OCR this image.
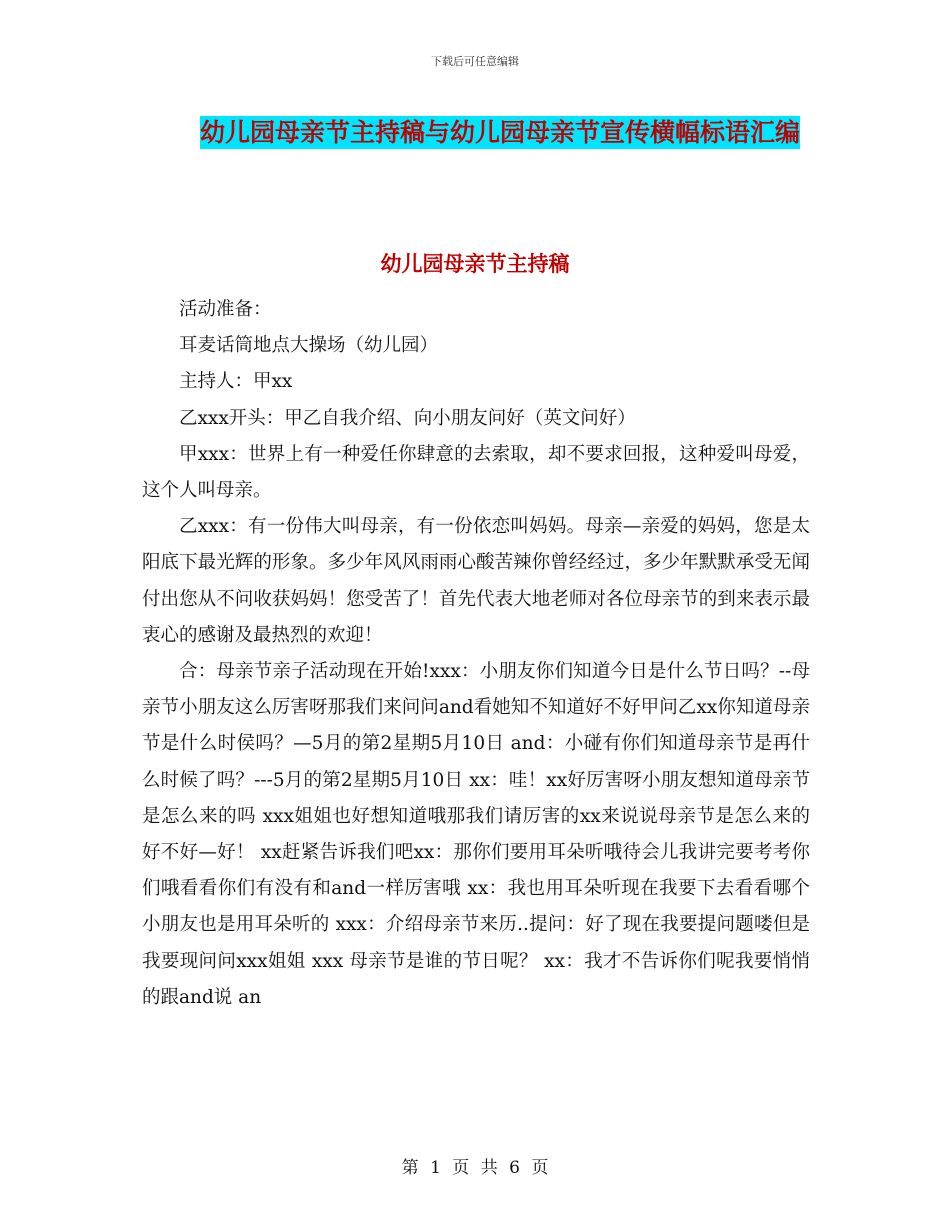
下载后可任意编辑
幼儿园母亲节主持稿与幼儿园母亲节宣传横幅标语汇编
幼儿园母亲节主持稿

活动准备：

耳麦话筒地点大操场（幼儿园）

主持人：甲xx

乙xxx开头：甲乙自我介绍、向小朋友问好（英文问好）

甲xxx：世界上有一种爱任你肆意的去索取，却不要求回报，这种爱叫母爱，这个人叫母亲。

乙xxx：有一份伟大叫母亲，有一份依恋叫妈妈。母亲—亲爱的妈妈，您是太阳底下最光辉的形象。多少年风风雨雨心酸苦辣你曾经经过，多少年默默承受无闻付出您从不问收获妈妈！您受苦了！首先代表大地老师对各位母亲节的到来表示最衷心的感谢及最热烈的欢迎！

合：母亲节亲子活动现在开始!xxx：小朋友你们知道今日是什么节日吗？--母亲节小朋友这么厉害呀那我们来问问and看她知不知道好不好甲问乙xx你知道母亲节是什么时侯吗？—5月的第2星期5月10日 and：小碰有你们知道母亲节是再什么时候了吗？---5月的第2星期5月10日 xx：哇！xx好厉害呀小朋友想知道母亲节是怎么来的吗 xxx姐姐也好想知道哦那我们请厉害的xx来说说母亲节是怎么来的好不好—好！ xx赶紧告诉我们吧xx：那你们要用耳朵听哦待会儿我讲完要考考你们哦看看你们有没有和and一样厉害哦 xx：我也用耳朵听现在我要下去看看哪个小朋友也是用耳朵听的 xxx：介绍母亲节来历..提问：好了现在我要提问题喽但是我要现问问xxx姐姐 xxx 母亲节是谁的节日呢？ xx：我才不告诉你们呢我要悄悄的跟and说 an

第 1 页 共 6 页
